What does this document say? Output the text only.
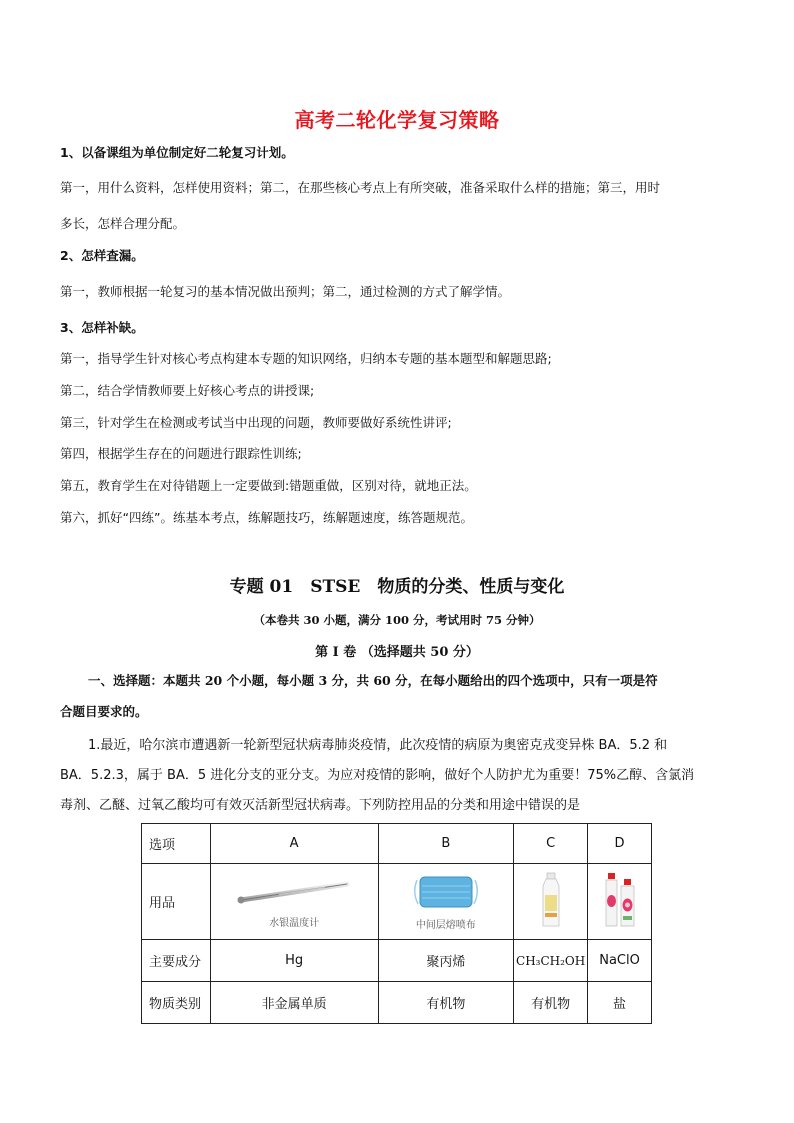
高考二轮化学复习策略
1、以备课组为单位制定好二轮复习计划。
第一，用什么资料，怎样使用资料；第二，在那些核心考点上有所突破，准备采取什么样的措施；第三，用时
多长，怎样合理分配。
2、怎样查漏。
第一，教师根据一轮复习的基本情况做出预判；第二，通过检测的方式了解学情。
3、怎样补缺。
第一，指导学生针对核心考点构建本专题的知识网络，归纳本专题的基本题型和解题思路;
第二，结合学情教师要上好核心考点的讲授课;
第三，针对学生在检测或考试当中出现的问题，教师要做好系统性讲评;
第四，根据学生存在的问题进行跟踪性训练;
第五，教育学生在对待错题上一定要做到:错题重做，区别对待，就地正法。
第六，抓好“四练”。练基本考点，练解题技巧，练解题速度，练答题规范。
专题 01　STSE　物质的分类、性质与变化
（本卷共 30 小题，满分 100 分，考试用时 75 分钟）
第 I 卷 （选择题共 50 分）
一、选择题：本题共 20 个小题，每小题 3 分，共 60 分，在每小题给出的四个选项中，只有一项是符
合题目要求的。
1.最近，哈尔滨市遭遇新一轮新型冠状病毒肺炎疫情，此次疫情的病原为奥密克戎变异株 BA．5.2 和
BA．5.2.3，属于 BA．5 进化分支的亚分支。为应对疫情的影响，做好个人防护尤为重要！75%乙醇、含氯消
毒剂、乙醚、过氧乙酸均可有效灭活新型冠状病毒。下列防控用品的分类和用途中错误的是
选项	A	B	C	D
用品	水银温度计	中间层熔喷布

主要成分	Hg	聚丙烯	CH₃CH₂OH	NaClO
物质类别	非金属单质	有机物	有机物	盐
